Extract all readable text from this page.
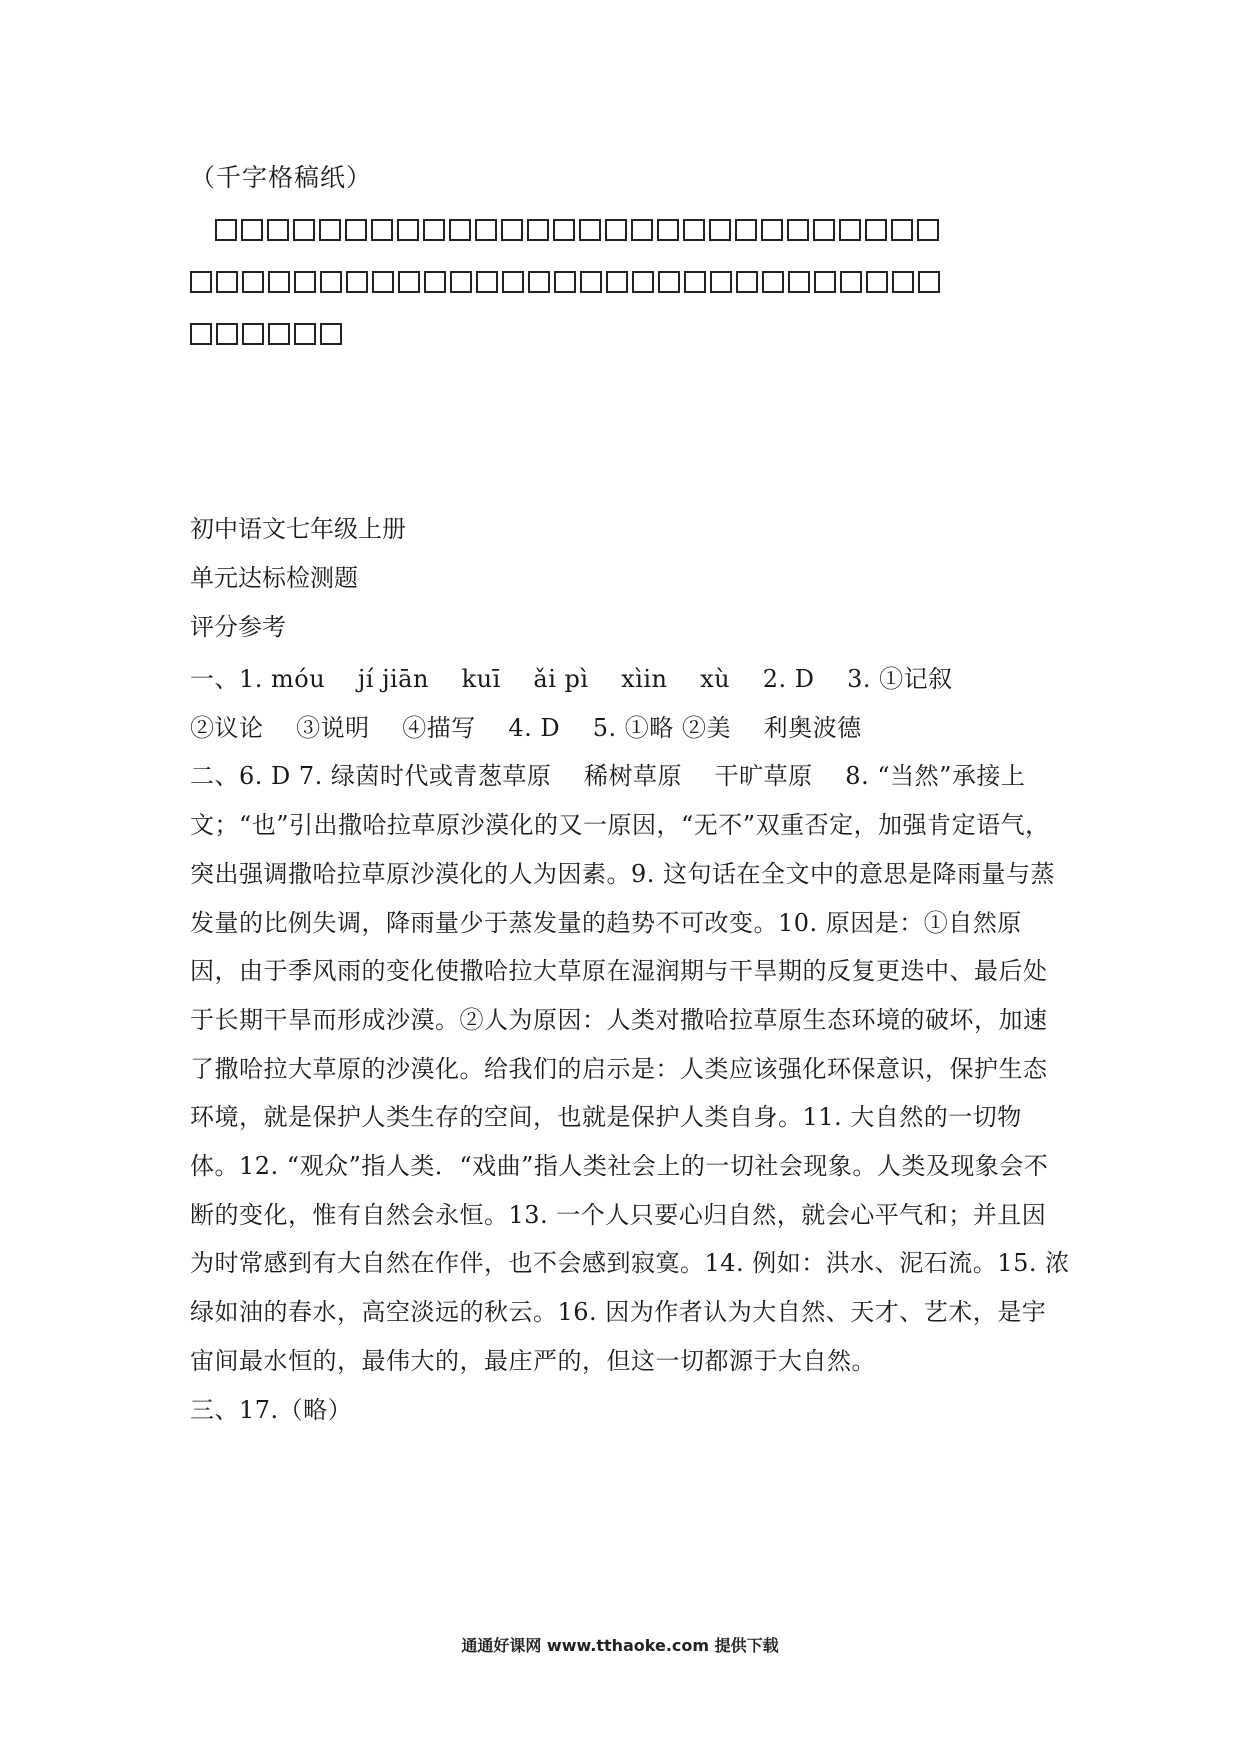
（千字格稿纸）
初中语文七年级上册
单元达标检测题
评分参考

一、1. móu　 jí jiān　 kuī　 ǎi pì　 xìin　 xù　 2. D　 3. ①记叙

②议论　 ③说明　 ④描写　 4. D　 5. ①略 ②美　 利奥波德

二、6. D 7. 绿茵时代或青葱草原　 稀树草原　 干旷草原　 8. “当然”承接上文；“也”引出撒哈拉草原沙漠化的又一原因，“无不”双重否定，加强肯定语气，突出强调撒哈拉草原沙漠化的人为因素。9. 这句话在全文中的意思是降雨量与蒸发量的比例失调，降雨量少于蒸发量的趋势不可改变。10. 原因是：①自然原因，由于季风雨的变化使撒哈拉大草原在湿润期与干旱期的反复更迭中、最后处于长期干旱而形成沙漠。②人为原因：人类对撒哈拉草原生态环境的破坏，加速了撒哈拉大草原的沙漠化。给我们的启示是：人类应该强化环保意识，保护生态环境，就是保护人类生存的空间，也就是保护人类自身。11. 大自然的一切物体。12. “观众”指人类．“戏曲”指人类社会上的一切社会现象。人类及现象会不断的变化，惟有自然会永恒。13. 一个人只要心归自然，就会心平气和；并且因为时常感到有大自然在作伴，也不会感到寂寞。14. 例如：洪水、泥石流。15. 浓绿如油的春水，高空淡远的秋云。16. 因为作者认为大自然、天才、艺术，是宇宙间最水恒的，最伟大的，最庄严的，但这一切都源于大自然。

三、17.（略）

通通好课网 www.tthaoke.com 提供下载
